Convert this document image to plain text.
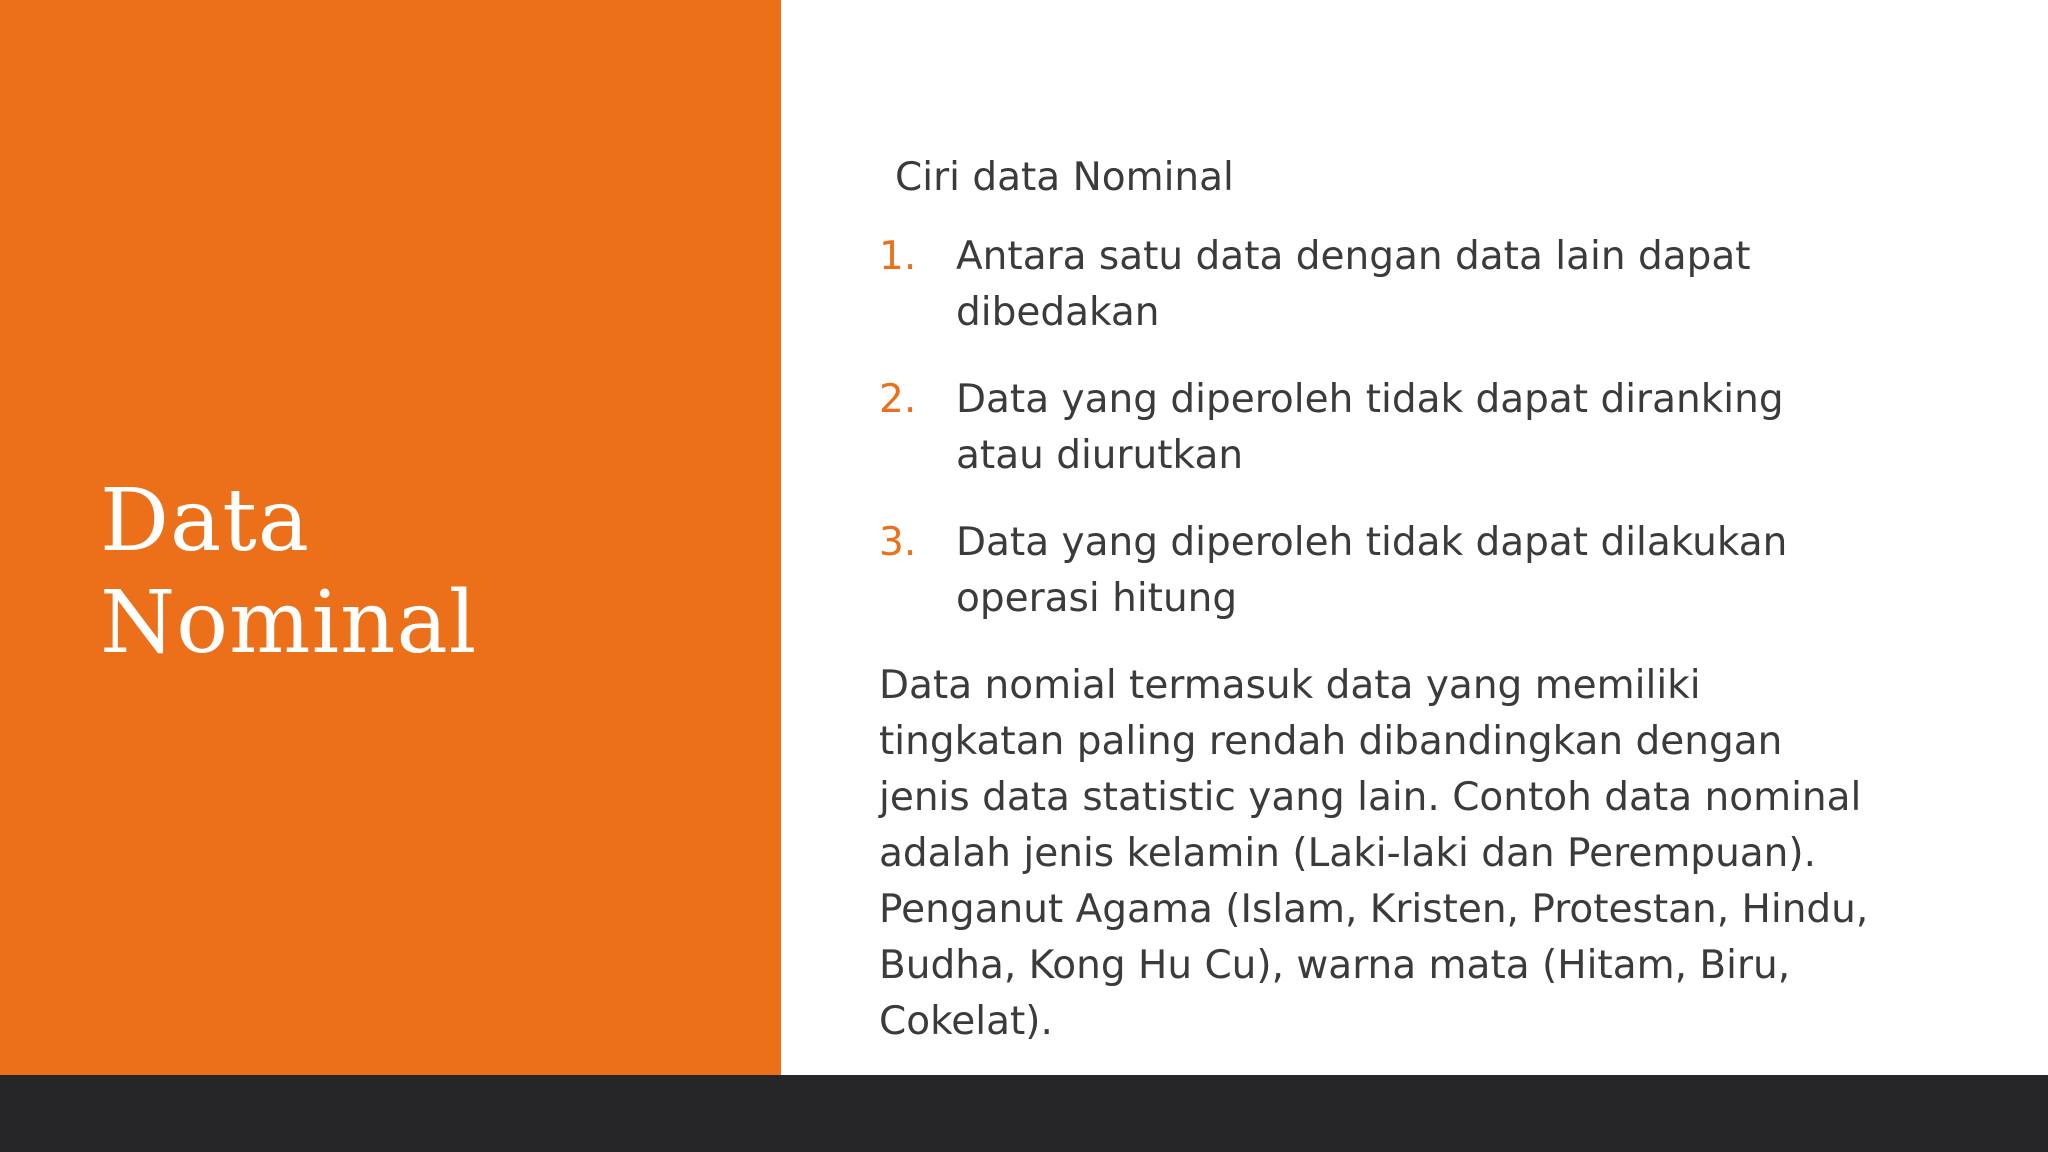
Data
Nominal

Ciri data Nominal

1.	Antara satu data dengan data lain dapat dibedakan
2.	Data yang diperoleh tidak dapat diranking atau diurutkan
3.	Data yang diperoleh tidak dapat dilakukan operasi hitung

Data nomial termasuk data yang memiliki tingkatan paling rendah dibandingkan dengan jenis data statistic yang lain. Contoh data nominal adalah jenis kelamin (Laki-laki dan Perempuan). Penganut Agama (Islam, Kristen, Protestan, Hindu, Budha, Kong Hu Cu), warna mata (Hitam, Biru, Cokelat).
